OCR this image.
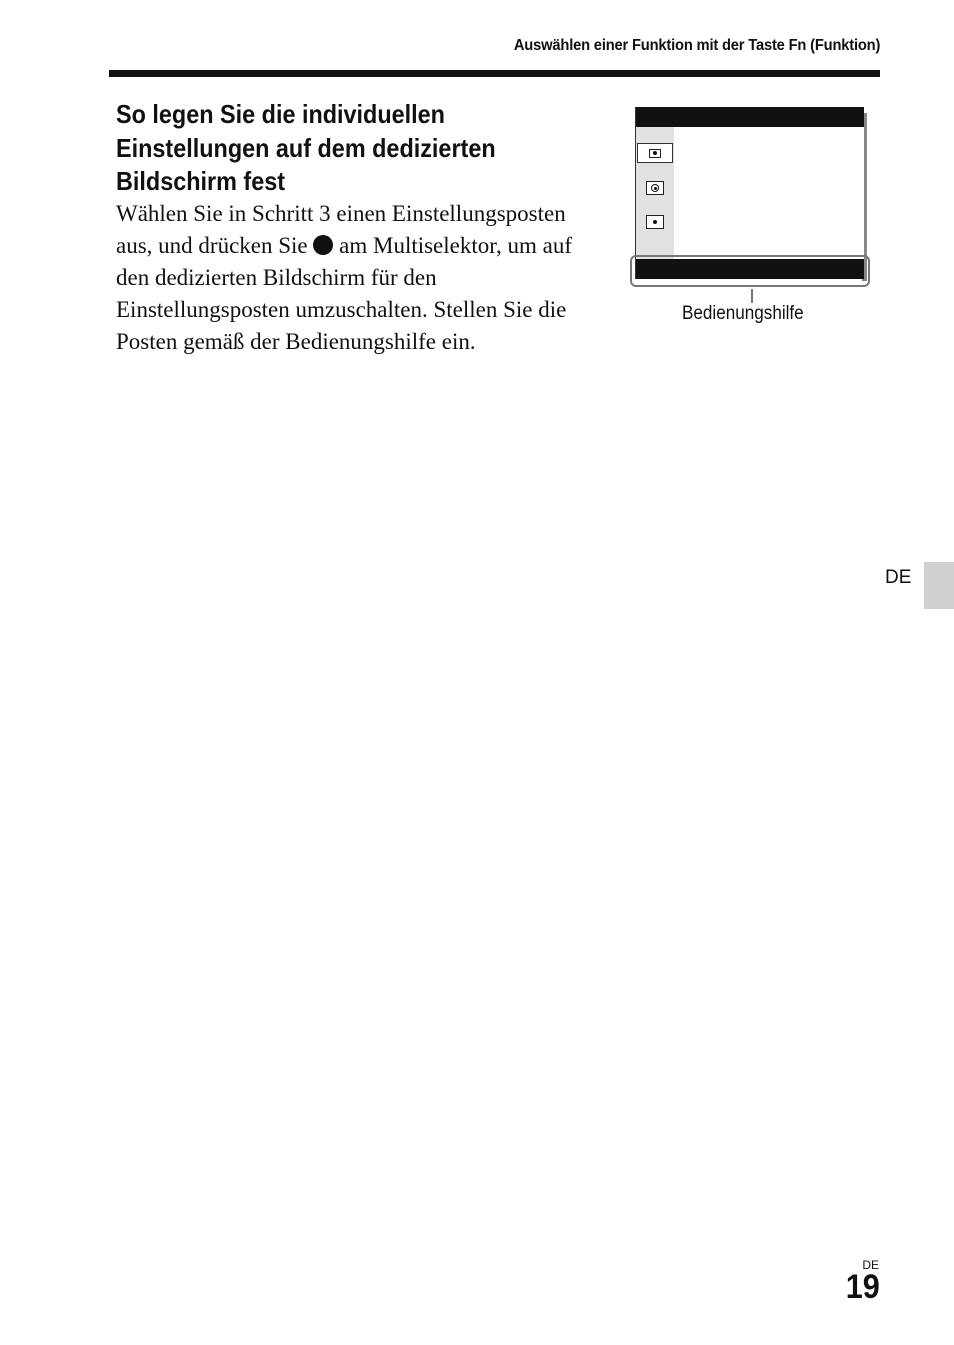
Auswählen einer Funktion mit der Taste Fn (Funktion)
So legen Sie die individuellen Einstellungen auf dem dedizierten Bildschirm fest

Wählen Sie in Schritt 3 einen Einstellungsposten aus, und drücken Sie  am Multiselektor, um auf den dedizierten Bildschirm für den Einstellungsposten umzuschalten. Stellen Sie die Posten gemäß der Bedienungshilfe ein.

Bedienungshilfe
DE
DE
19
